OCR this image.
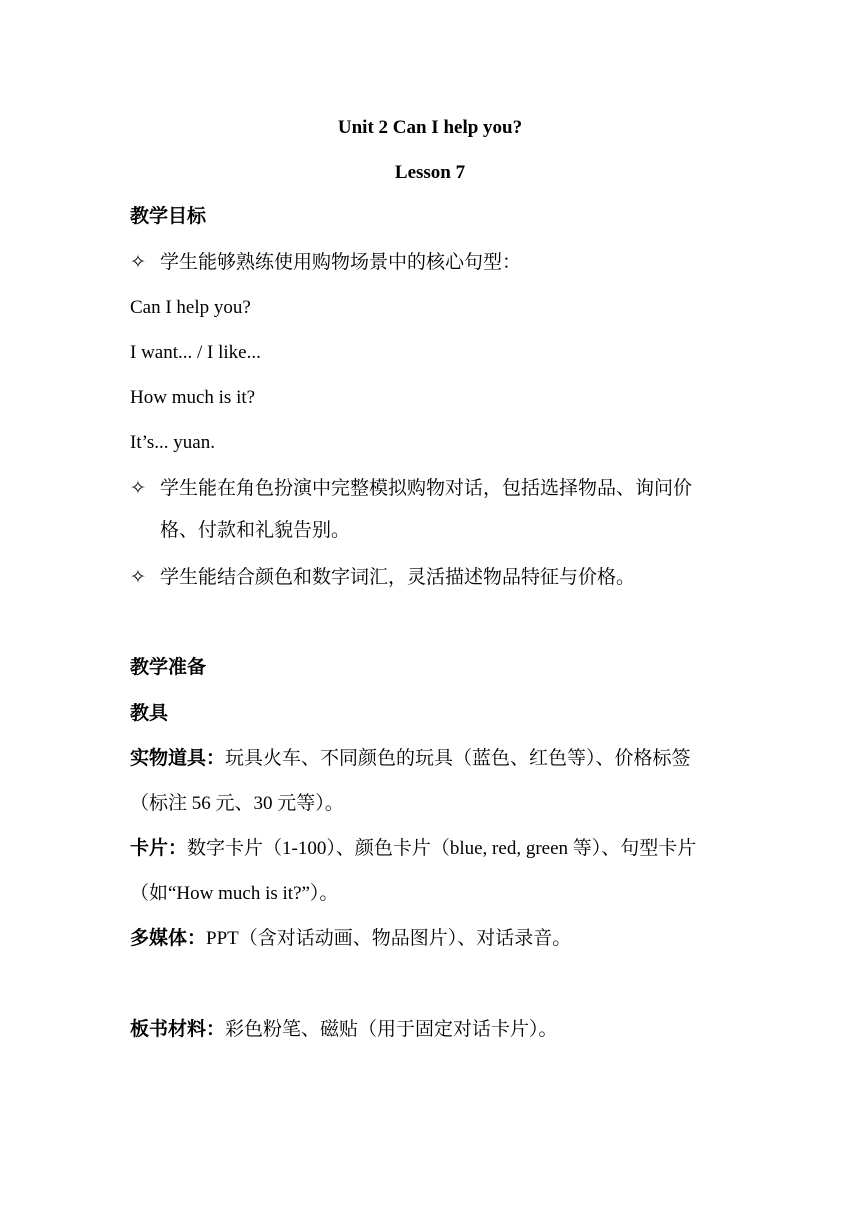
Unit 2 Can I help you?
Lesson 7
教学目标
✧ 学生能够熟练使用购物场景中的核心句型：
Can I help you?
I want... / I like...
How much is it?
It’s... yuan.
✧ 学生能在角色扮演中完整模拟购物对话，包括选择物品、询问价
格、付款和礼貌告别。
✧ 学生能结合颜色和数字词汇，灵活描述物品特征与价格。
教学准备
教具
实物道具：玩具火车、不同颜色的玩具（蓝色、红色等）、价格标签
（标注 56 元、30 元等）。
卡片：数字卡片（1-100）、颜色卡片（blue, red, green 等）、句型卡片
（如“How much is it?”）。
多媒体：PPT（含对话动画、物品图片）、对话录音。
板书材料：彩色粉笔、磁贴（用于固定对话卡片）。
